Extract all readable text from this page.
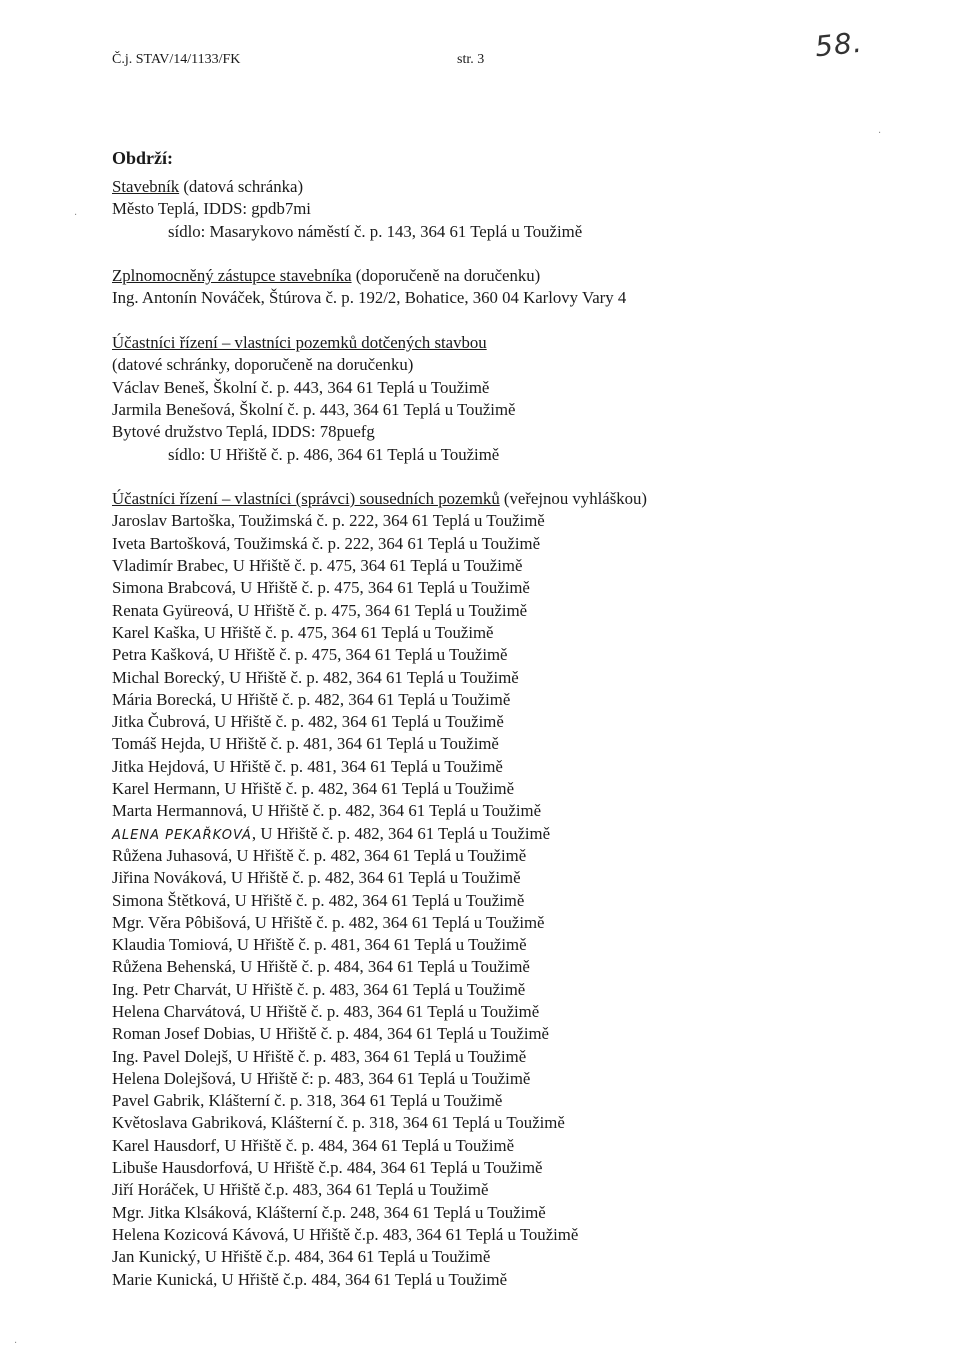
Č.j. STAV/14/1133/FK	str. 3	58.
Obdrží:
Stavebník (datová schránka)
Město Teplá, IDDS: gpdb7mi
sídlo: Masarykovo náměstí č. p. 143, 364 61 Teplá u Toužimě
Zplnomocněný zástupce stavebníka (doporučeně na doručenku)
Ing. Antonín Nováček, Štúrova č. p. 192/2, Bohatice, 360 04 Karlovy Vary 4
Účastníci řízení – vlastníci pozemků dotčených stavbou
(datové schránky, doporučeně na doručenku)
Václav Beneš, Školní č. p. 443, 364 61 Teplá u Toužimě
Jarmila Benešová, Školní č. p. 443, 364 61 Teplá u Toužimě
Bytové družstvo Teplá, IDDS: 78puefg
sídlo: U Hřiště č. p. 486, 364 61 Teplá u Toužimě
Účastníci řízení – vlastníci (správci) sousedních pozemků (veřejnou vyhláškou)
Jaroslav Bartoška, Toužimská č. p. 222, 364 61 Teplá u Toužimě
Iveta Bartošková, Toužimská č. p. 222, 364 61 Teplá u Toužimě
Vladimír Brabec, U Hřiště č. p. 475, 364 61 Teplá u Toužimě
Simona Brabcová, U Hřiště č. p. 475, 364 61 Teplá u Toužimě
Renata Gyüreová, U Hřiště č. p. 475, 364 61 Teplá u Toužimě
Karel Kaška, U Hřiště č. p. 475, 364 61 Teplá u Toužimě
Petra Kašková, U Hřiště č. p. 475, 364 61 Teplá u Toužimě
Michal Borecký, U Hřiště č. p. 482, 364 61 Teplá u Toužimě
Mária Borecká, U Hřiště č. p. 482, 364 61 Teplá u Toužimě
Jitka Čubrová, U Hřiště č. p. 482, 364 61 Teplá u Toužimě
Tomáš Hejda, U Hřiště č. p. 481, 364 61 Teplá u Toužimě
Jitka Hejdová, U Hřiště č. p. 481, 364 61 Teplá u Toužimě
Karel Hermann, U Hřiště č. p. 482, 364 61 Teplá u Toužimě
Marta Hermannová, U Hřiště č. p. 482, 364 61 Teplá u Toužimě
ALENA PEKAŘKOVÁ, U Hřiště č. p. 482, 364 61 Teplá u Toužimě
Růžena Juhasová, U Hřiště č. p. 482, 364 61 Teplá u Toužimě
Jiřina Nováková, U Hřiště č. p. 482, 364 61 Teplá u Toužimě
Simona Štětková, U Hřiště č. p. 482, 364 61 Teplá u Toužimě
Mgr. Věra Pôbišová, U Hřiště č. p. 482, 364 61 Teplá u Toužimě
Klaudia Tomiová, U Hřiště č. p. 481, 364 61 Teplá u Toužimě
Růžena Behenská, U Hřiště č. p. 484, 364 61 Teplá u Toužimě
Ing. Petr Charvát, U Hřiště č. p. 483, 364 61 Teplá u Toužimě
Helena Charvátová, U Hřiště č. p. 483, 364 61 Teplá u Toužimě
Roman Josef Dobias, U Hřiště č. p. 484, 364 61 Teplá u Toužimě
Ing. Pavel Dolejš, U Hřiště č. p. 483, 364 61 Teplá u Toužimě
Helena Dolejšová, U Hřiště č: p. 483, 364 61 Teplá u Toužimě
Pavel Gabrik, Klášterní č. p. 318, 364 61 Teplá u Toužimě
Květoslava Gabriková, Klášterní č. p. 318, 364 61 Teplá u Toužimě
Karel Hausdorf, U Hřiště č. p. 484, 364 61 Teplá u Toužimě
Libuše Hausdorfová, U Hřiště č.p. 484, 364 61 Teplá u Toužimě
Jiří Horáček, U Hřiště č.p. 483, 364 61 Teplá u Toužimě
Mgr. Jitka Klsáková, Klášterní č.p. 248, 364 61 Teplá u Toužimě
Helena Kozicová Kávová, U Hřiště č.p. 483, 364 61 Teplá u Toužimě
Jan Kunický, U Hřiště č.p. 484, 364 61 Teplá u Toužimě
Marie Kunická, U Hřiště č.p. 484, 364 61 Teplá u Toužimě
·
·
·
